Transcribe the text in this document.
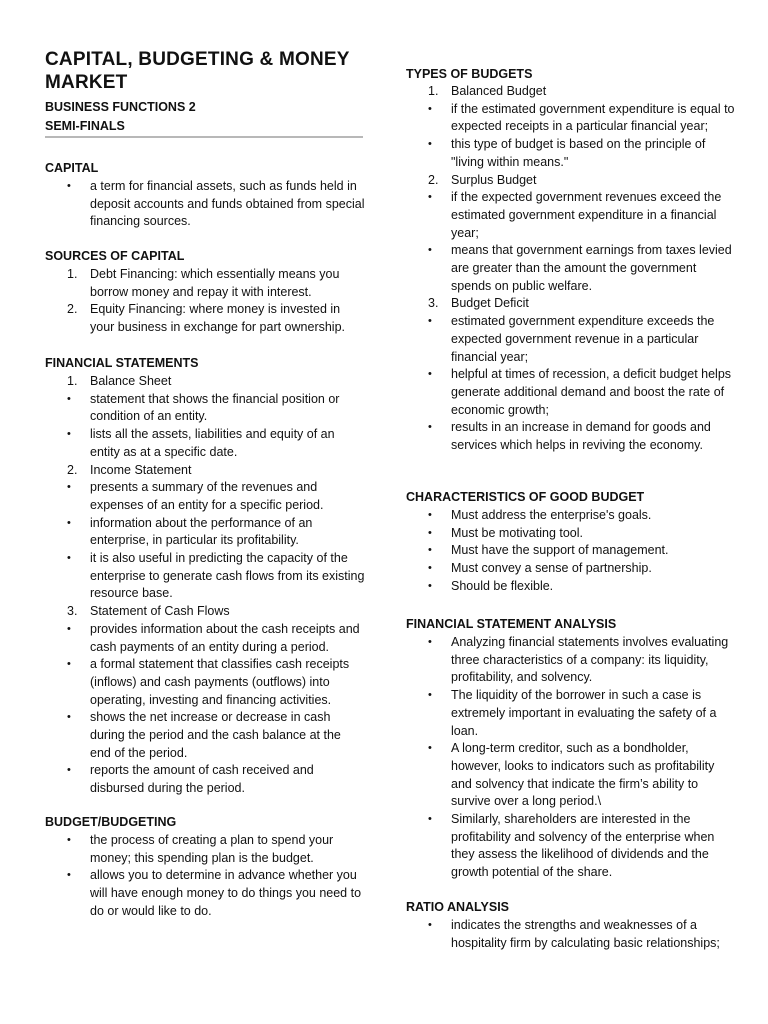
CAPITAL, BUDGETING & MONEY MARKET
BUSINESS FUNCTIONS 2
SEMI-FINALS
CAPITAL
•	a term for financial assets, such as funds held in deposit accounts and funds obtained from special financing sources.
SOURCES OF CAPITAL
1.	Debt Financing: which essentially means you borrow money and repay it with interest.
2.	Equity Financing: where money is invested in your business in exchange for part ownership.
FINANCIAL STATEMENTS
1.	Balance Sheet
•	statement that shows the financial position or condition of an entity.
•	lists all the assets, liabilities and equity of an entity as at a specific date.
2.	Income Statement
•	presents a summary of the revenues and expenses of an entity for a specific period.
•	information about the performance of an enterprise, in particular its profitability.
•	it is also useful in predicting the capacity of the enterprise to generate cash flows from its existing resource base.
3.	Statement of Cash Flows
•	provides information about the cash receipts and cash payments of an entity during a period.
•	a formal statement that classifies cash receipts (inflows) and cash payments (outflows) into operating, investing and financing activities.
•	shows the net increase or decrease in cash during the period and the cash balance at the end of the period.
•	reports the amount of cash received and disbursed during the period.
BUDGET/BUDGETING
•	the process of creating a plan to spend your money; this spending plan is the budget.
•	allows you to determine in advance whether you will have enough money to do things you need to do or would like to do.
TYPES OF BUDGETS
1.	Balanced Budget
•	if the estimated government expenditure is equal to expected receipts in a particular financial year;
•	this type of budget is based on the principle of "living within means."
2.	Surplus Budget
•	if the expected government revenues exceed the estimated government expenditure in a financial year;
•	means that government earnings from taxes levied are greater than the amount the government spends on public welfare.
3.	Budget Deficit
•	estimated government expenditure exceeds the expected government revenue in a particular financial year;
•	helpful at times of recession, a deficit budget helps generate additional demand and boost the rate of economic growth;
•	results in an increase in demand for goods and services which helps in reviving the economy.
CHARACTERISTICS OF GOOD BUDGET
•	Must address the enterprise's goals.
•	Must be motivating tool.
•	Must have the support of management.
•	Must convey a sense of partnership.
•	Should be flexible.
FINANCIAL STATEMENT ANALYSIS
•	Analyzing financial statements involves evaluating three characteristics of a company: its liquidity, profitability, and solvency.
•	The liquidity of the borrower in such a case is extremely important in evaluating the safety of a loan.
•	A long-term creditor, such as a bondholder, however, looks to indicators such as profitability and solvency that indicate the firm’s ability to survive over a long period.\
•	Similarly, shareholders are interested in the profitability and solvency of the enterprise when they assess the likelihood of dividends and the growth potential of the share.
RATIO ANALYSIS
•	indicates the strengths and weaknesses of a hospitality firm by calculating basic relationships;
